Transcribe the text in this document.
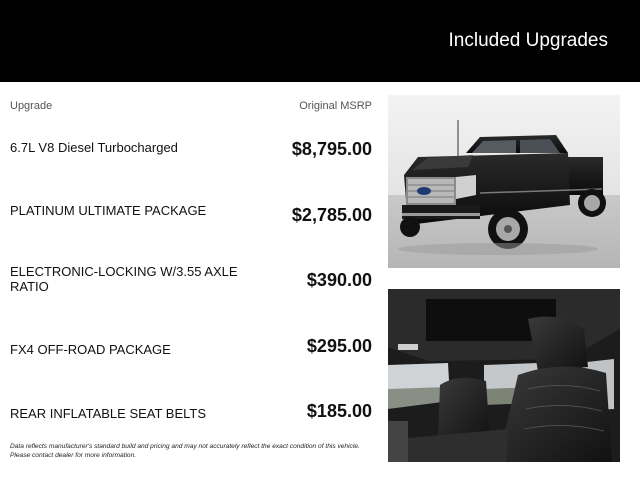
Included Upgrades
Upgrade	Original MSRP
6.7L V8 Diesel Turbocharged	$8,795.00
PLATINUM ULTIMATE PACKAGE	$2,785.00
ELECTRONIC-LOCKING W/3.55 AXLE RATIO	$390.00
FX4 OFF-ROAD PACKAGE	$295.00
REAR INFLATABLE SEAT BELTS	$185.00
Data reflects manufacturer's standard build and pricing and may not accurately reflect the exact condition of this vehicle. Please contact dealer for more information.
